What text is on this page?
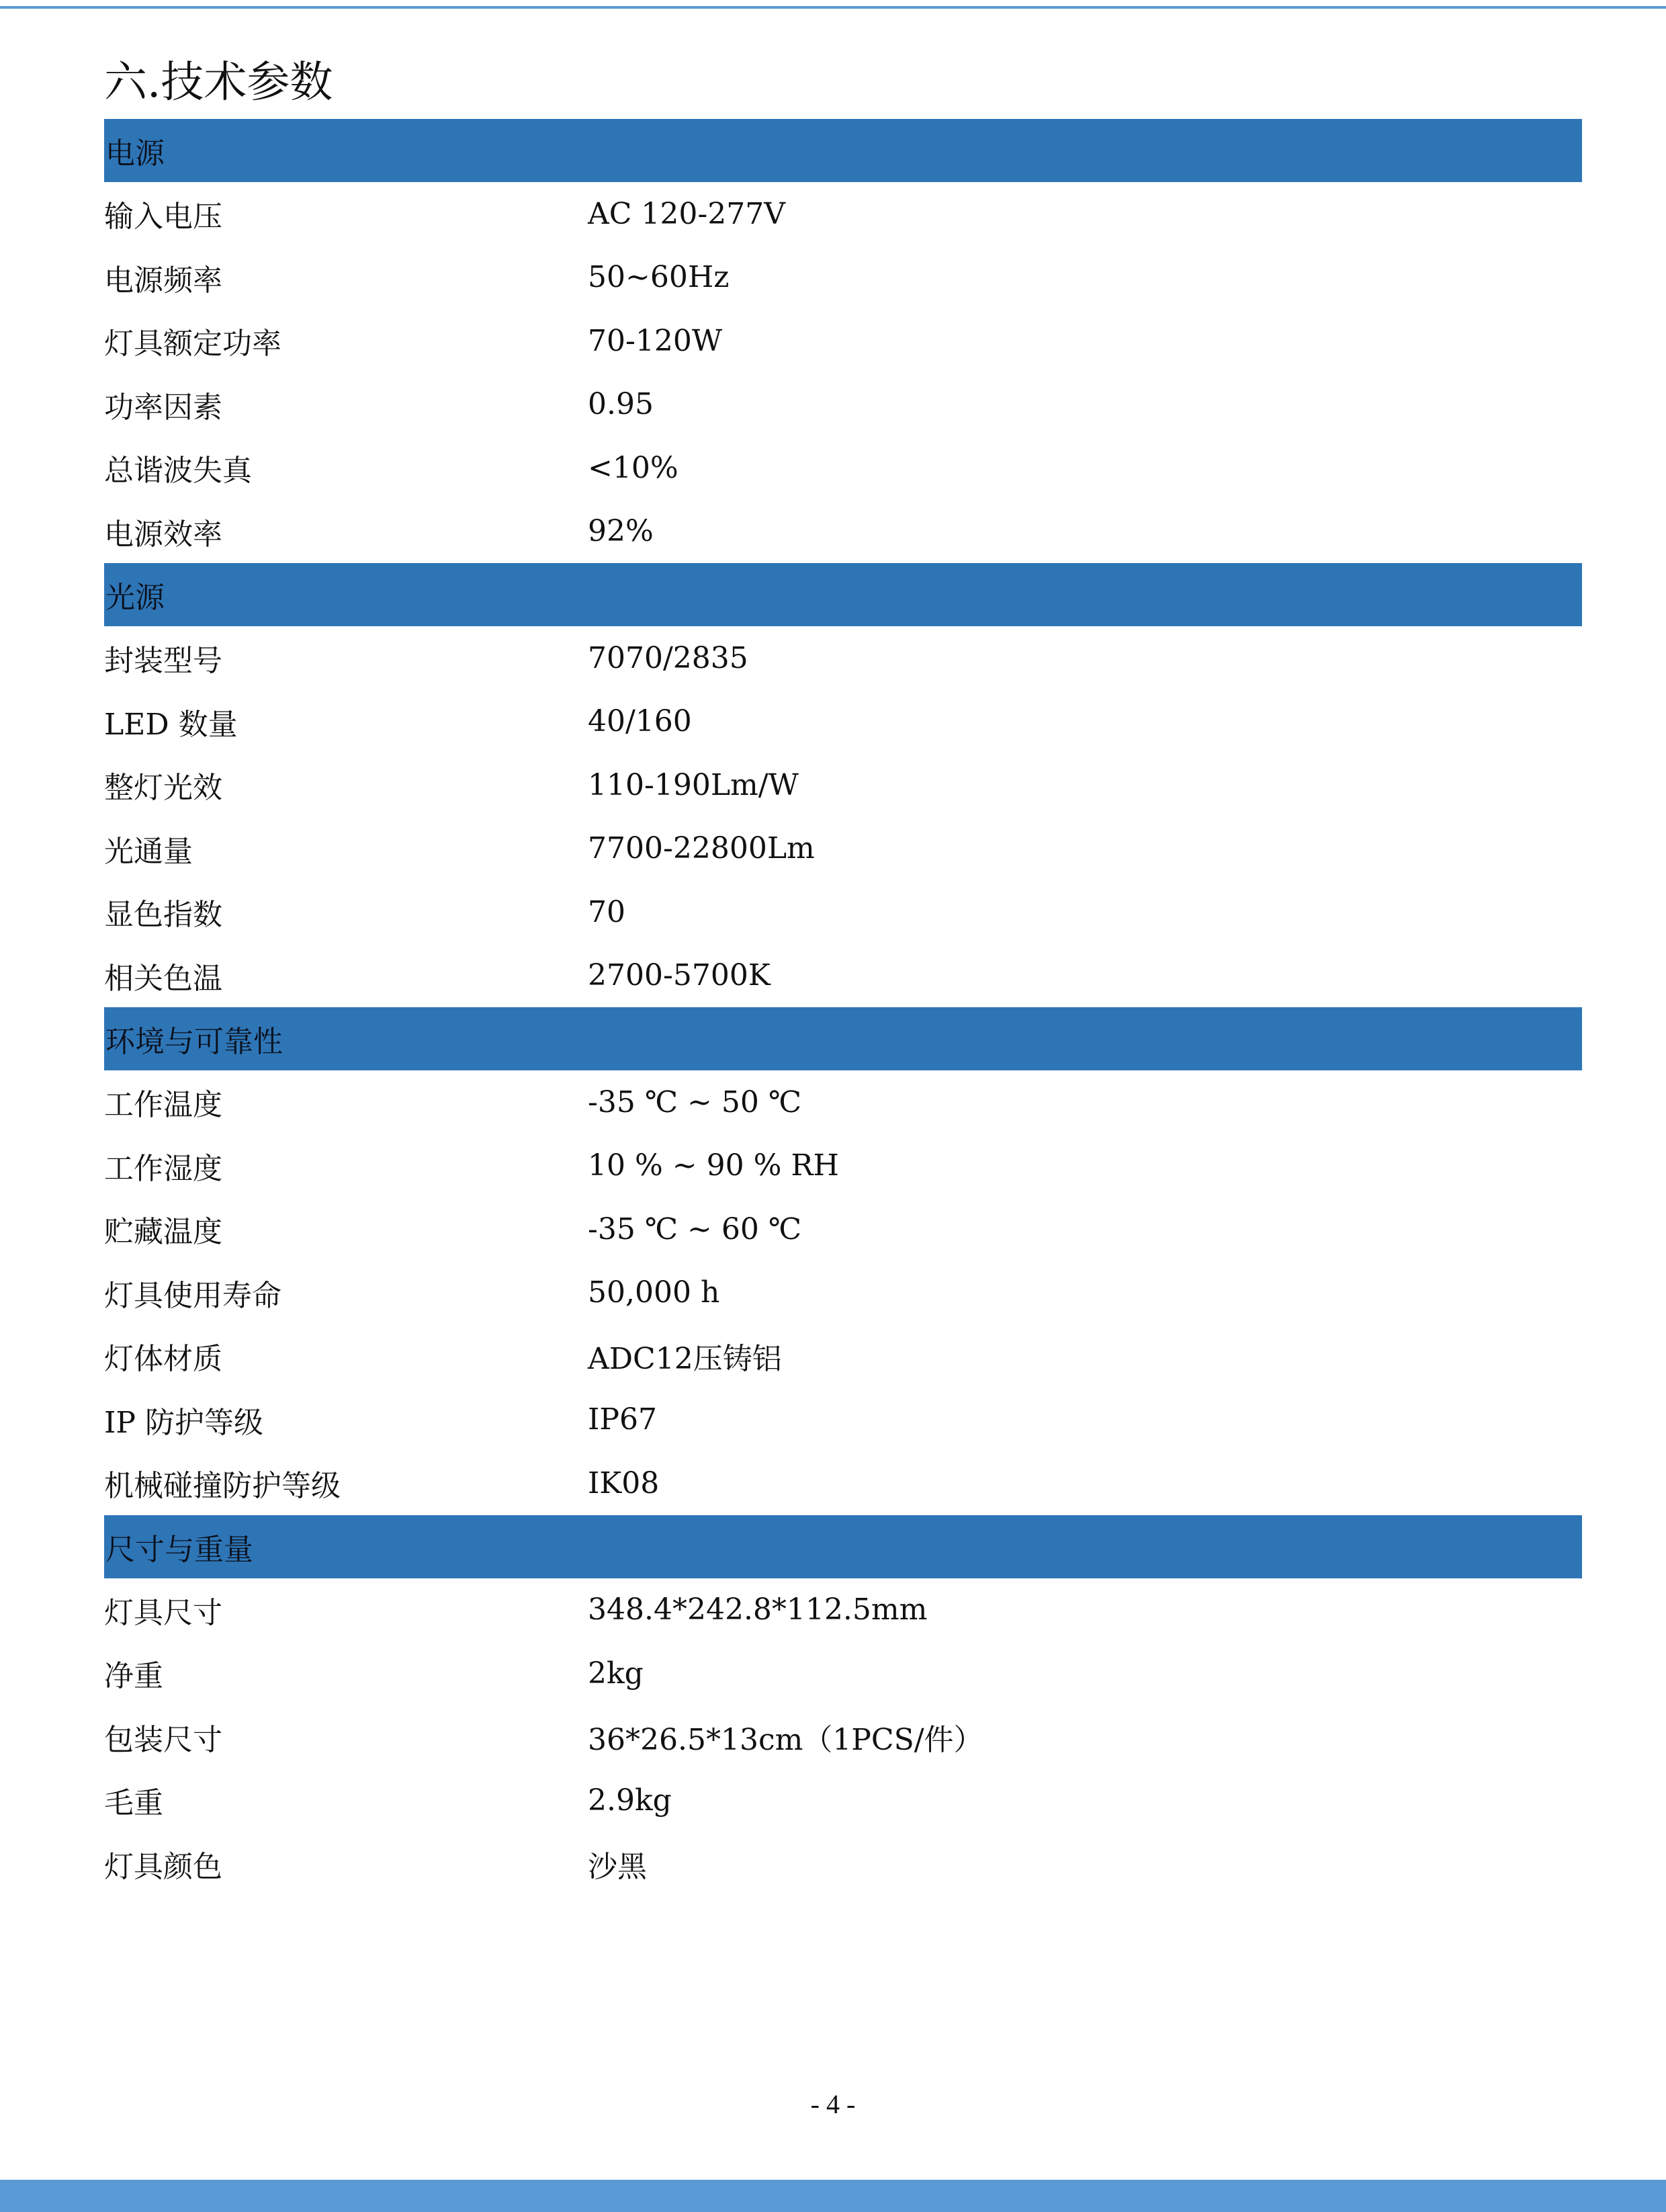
六.技术参数
电源
输入电压	AC 120-277V
电源频率	50~60Hz
灯具额定功率	70-120W
功率因素	0.95
总谐波失真	<10%
电源效率	92%
光源
封装型号	7070/2835
LED 数量	40/160
整灯光效	110-190Lm/W
光通量	7700-22800Lm
显色指数	70
相关色温	2700-5700K
环境与可靠性
工作温度	-35 ℃ ~ 50 ℃
工作湿度	10 % ~ 90 % RH
贮藏温度	-35 ℃ ~ 60 ℃
灯具使用寿命	50,000 h
灯体材质	ADC12压铸铝
IP 防护等级	IP67
机械碰撞防护等级	IK08
尺寸与重量
灯具尺寸	348.4*242.8*112.5mm
净重	2kg
包装尺寸	36*26.5*13cm（1PCS/件）
毛重	2.9kg
灯具颜色	沙黑
- 4 -
